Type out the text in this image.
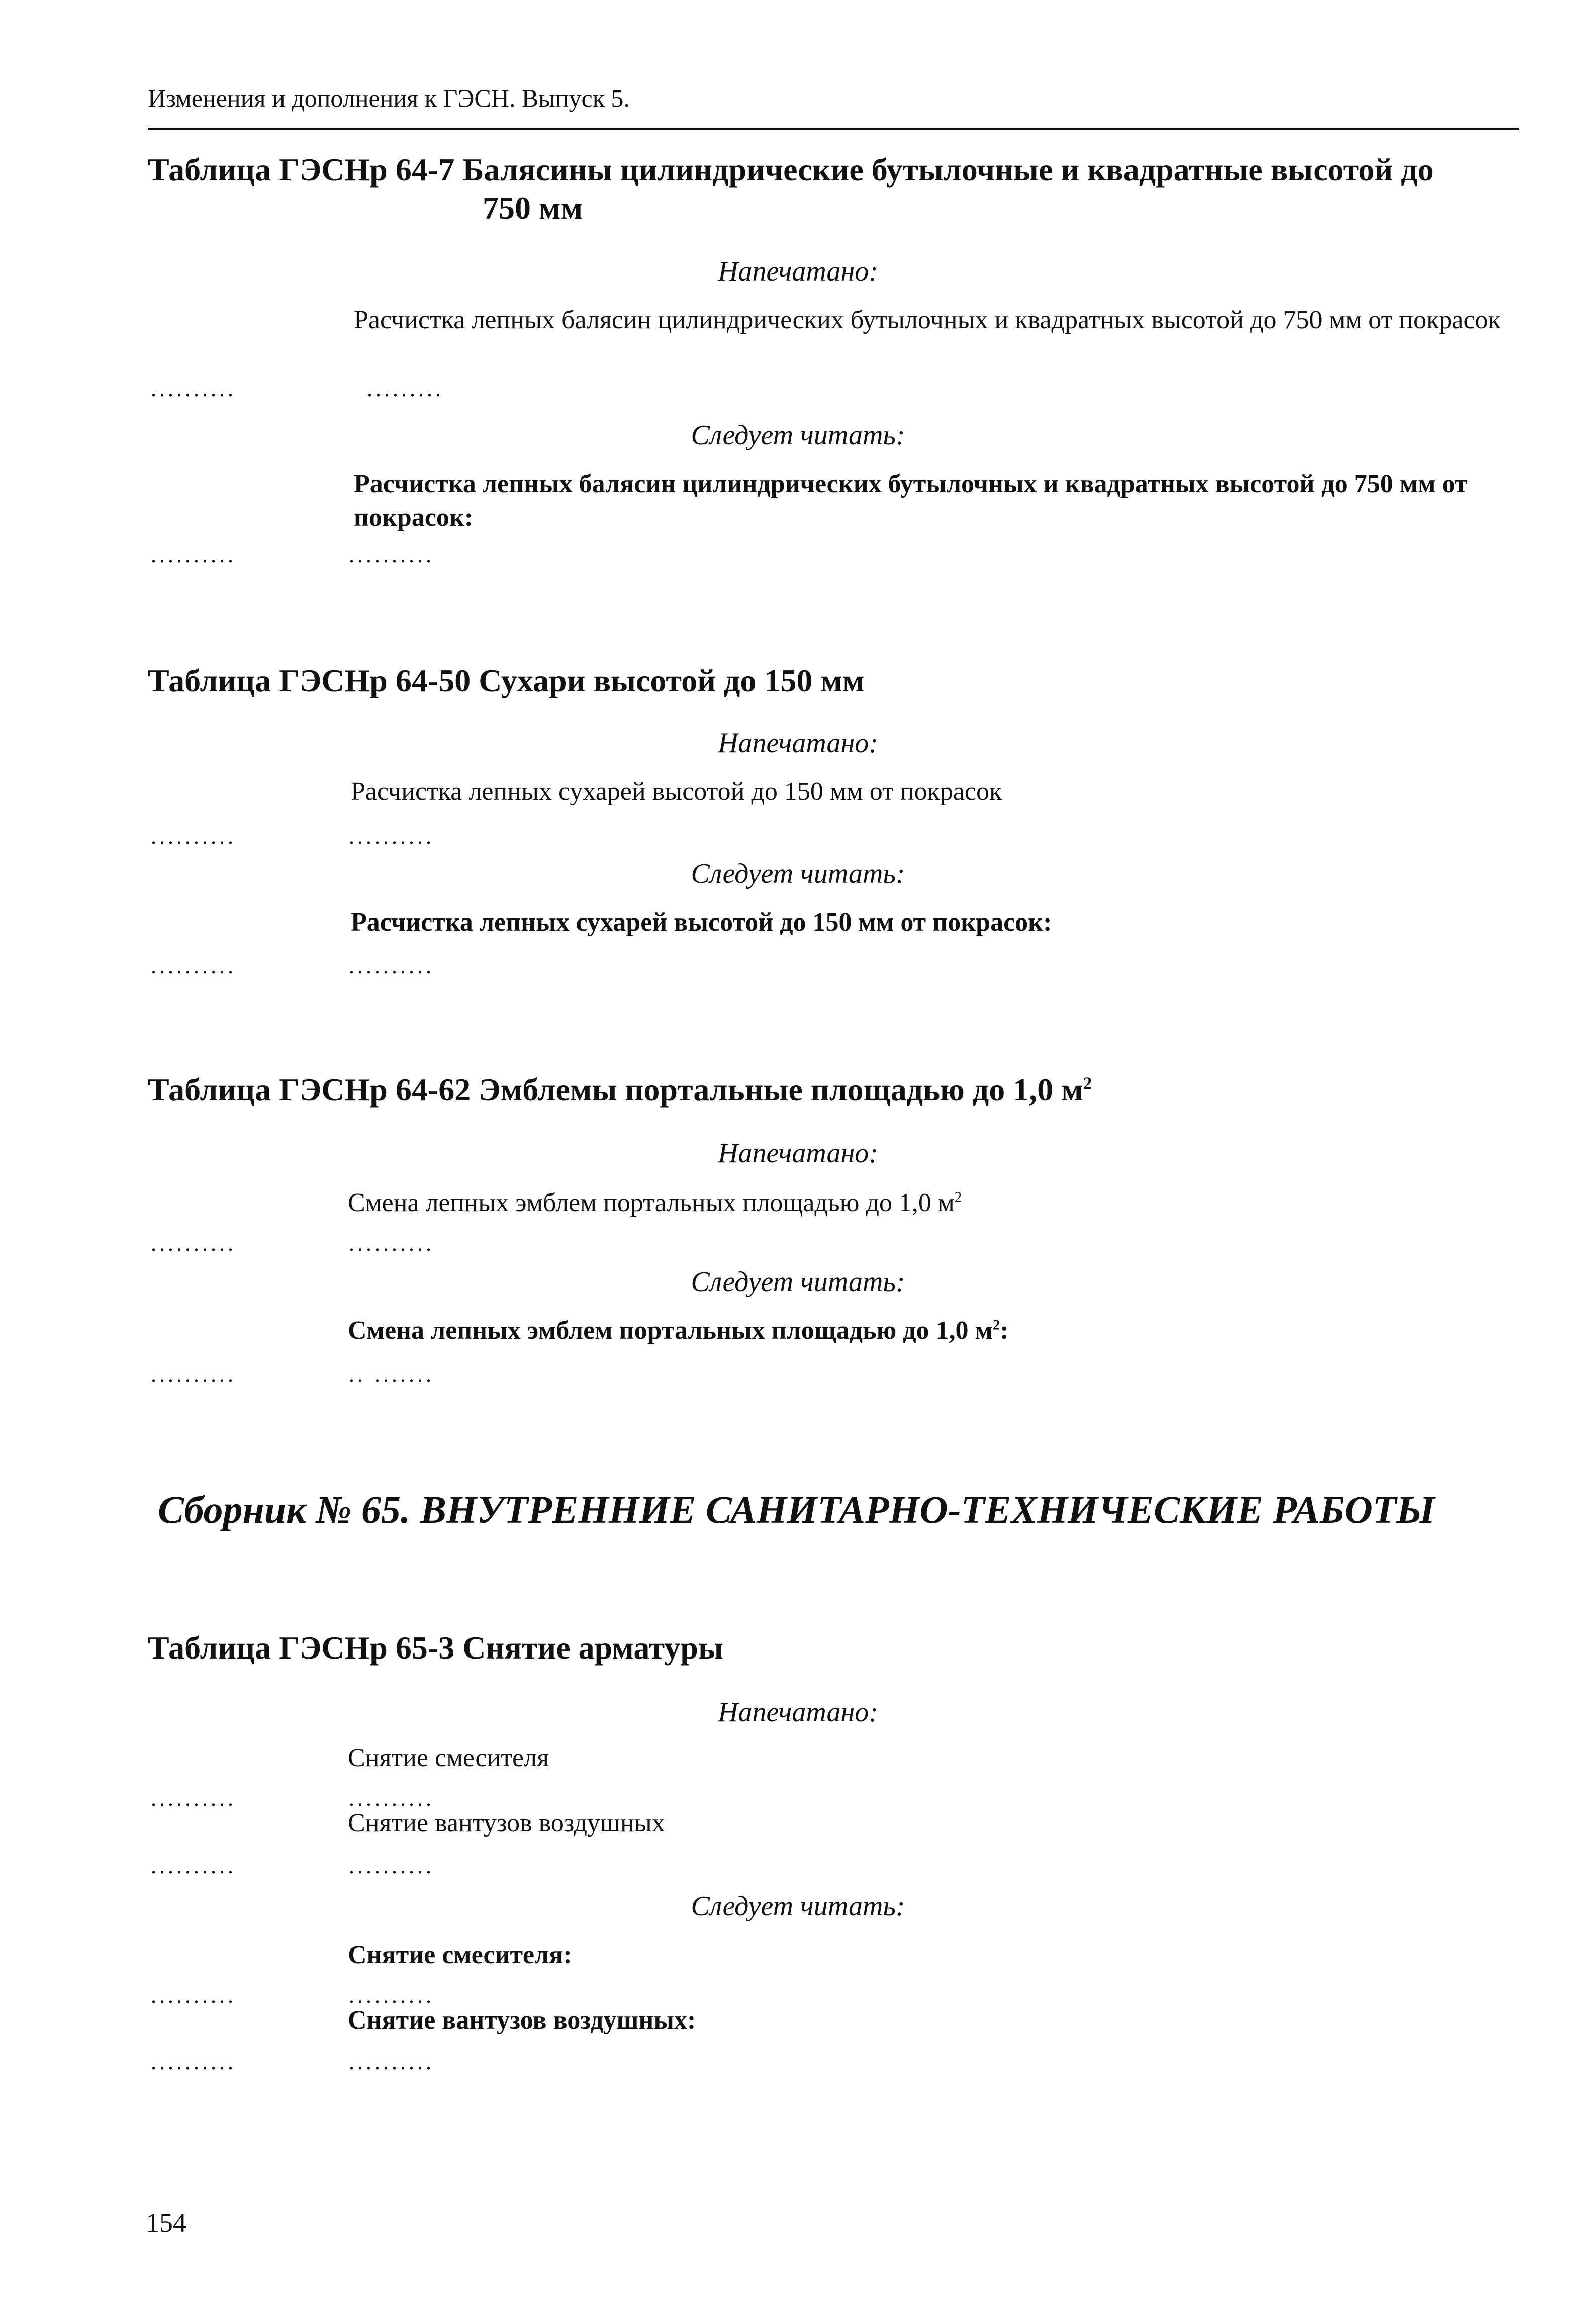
Изменения и дополнения к ГЭСН. Выпуск 5.
Таблица ГЭСНр 64-7 Балясины цилиндрические бутылочные и квадратные высотой до
750 мм
Напечатано:
Расчистка лепных балясин цилиндрических бутылочных и квадратных высотой до 750 мм от покрасок
..........	.........
Следует читать:
Расчистка лепных балясин цилиндрических бутылочных и квадратных высотой до 750 мм от покрасок:
..........	..........
Таблица ГЭСНр 64-50 Сухари высотой до 150 мм
Напечатано:
Расчистка лепных сухарей высотой до 150 мм от покрасок
..........	..........
Следует читать:
Расчистка лепных сухарей высотой до 150 мм от покрасок:
..........	..........
Таблица ГЭСНр 64-62 Эмблемы портальные площадью до 1,0 $м^2$
Напечатано:
Смена лепных эмблем портальных площадью до 1,0 $м^2$
..........	..........
Следует читать:
Смена лепных эмблем портальных площадью до 1,0 $м^2$:
..........	.. .......
Сборник № 65. ВНУТРЕННИЕ САНИТАРНО-ТЕХНИЧЕСКИЕ РАБОТЫ
Таблица ГЭСНр 65-3 Снятие арматуры
Напечатано:
Снятие смесителя
..........	..........
Снятие вантузов воздушных
..........	..........
Следует читать:
Снятие смесителя:
..........	..........
Снятие вантузов воздушных:
..........	..........
154
